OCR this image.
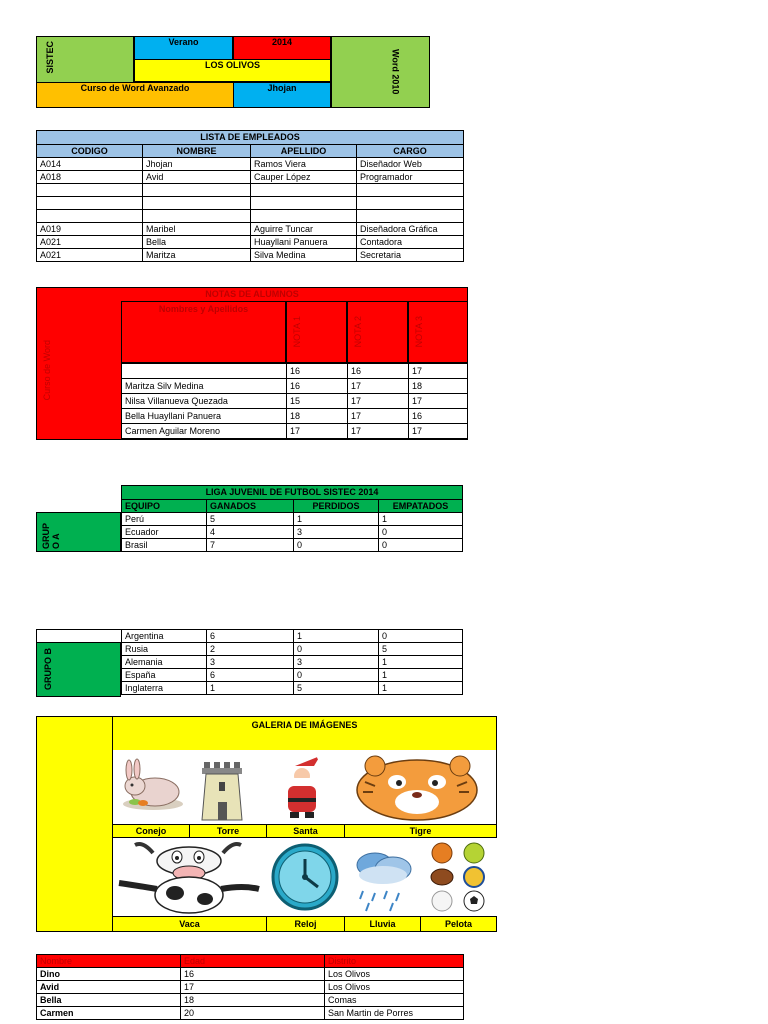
SISTEC	Verano	2014
LOS OLIVOS
Curso de Word Avanzado	Jhojan	Word 2010
LISTA DE EMPLEADOS			
CODIGO	NOMBRE	APELLIDO	CARGO
A014	Jhojan	Ramos Viera	Diseñador Web
A018	Avid	Cauper López	Programador

A019	Maribel	Aguirre Tuncar	Diseñadora Gráfica
A021	Bella	Huayllani Panuera	Contadora
A021	Maritza	Silva Medina	Secretaria
NOTAS DE ALUMNOS
Curso de Word
Nombres y Apellidos
NOTA 1	NOTA 2	NOTA 3
	16	16	17
Maritza Silv Medina	16	17	18
Nilsa Villanueva Quezada	15	17	17
Bella Huayllani Panuera	18	17	16
Carmen Aguilar Moreno	17	17	17
LIGA JUVENIL DE FUTBOL SISTEC 2014			
EQUIPO	GANADOS	PERDIDOS	EMPATADOS
Perú	5	1	1
Ecuador	4	3	0
Brasil	7	0	0
GRUP O A
	Argentina	6	1	0
GRUPO B	Rusia	2	0	5
Alemania	3	3	1
España	6	0	1
Inglaterra	1	5	1
GALERIA DE IMÁGENES
Conejo	Torre	Santa	Tigre
Vaca	Reloj	Lluvia	Pelota
Nombre	Edad	Distrito
Dino	16	Los Olivos
Avid	17	Los Olivos
Bella	18	Comas
Carmen	20	San Martin de Porres
